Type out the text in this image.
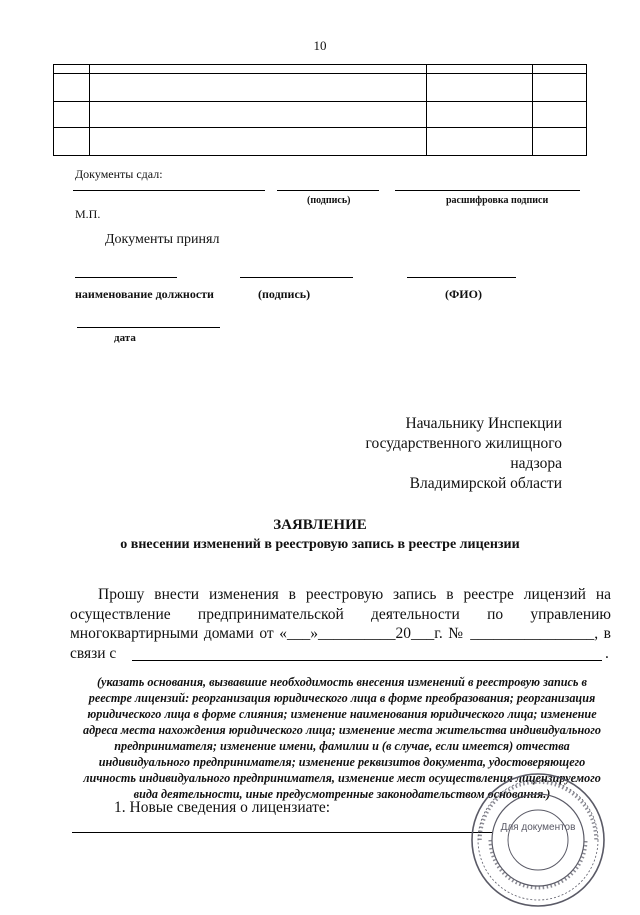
10

Документы сдал:
(подпись)	расшифровка подписи
М.П.
Документы принял
наименование должности	(подпись)	(ФИО)
дата
Начальнику Инспекции
государственного жилищного надзора
Владимирской области
ЗАЯВЛЕНИЕ
о внесении изменений в реестровую запись в реестре лицензии
Прошу внести изменения в реестровую запись в реестре лицензий на
осуществление предпринимательской деятельности по управлению
многоквартирными домами от «___»__________20___г. № ________________, в
связи с	.
(указать основания, вызвавшие необходимость внесения изменений в реестровую запись в реестре лицензий: реорганизация юридического лица в форме преобразования; реорганизация юридического лица в форме слияния; изменение наименования юридического лица; изменение адреса места нахождения юридического лица; изменение места жительства индивидуального предпринимателя; изменение имени, фамилии и (в случае, если имеется) отчества индивидуального предпринимателя; изменение реквизитов документа, удостоверяющего личность индивидуального предпринимателя, изменение мест осуществления лицензируемого вида деятельности, иные предусмотренные законодательством основания.)
1. Новые сведения о лицензиате:
Для документов
